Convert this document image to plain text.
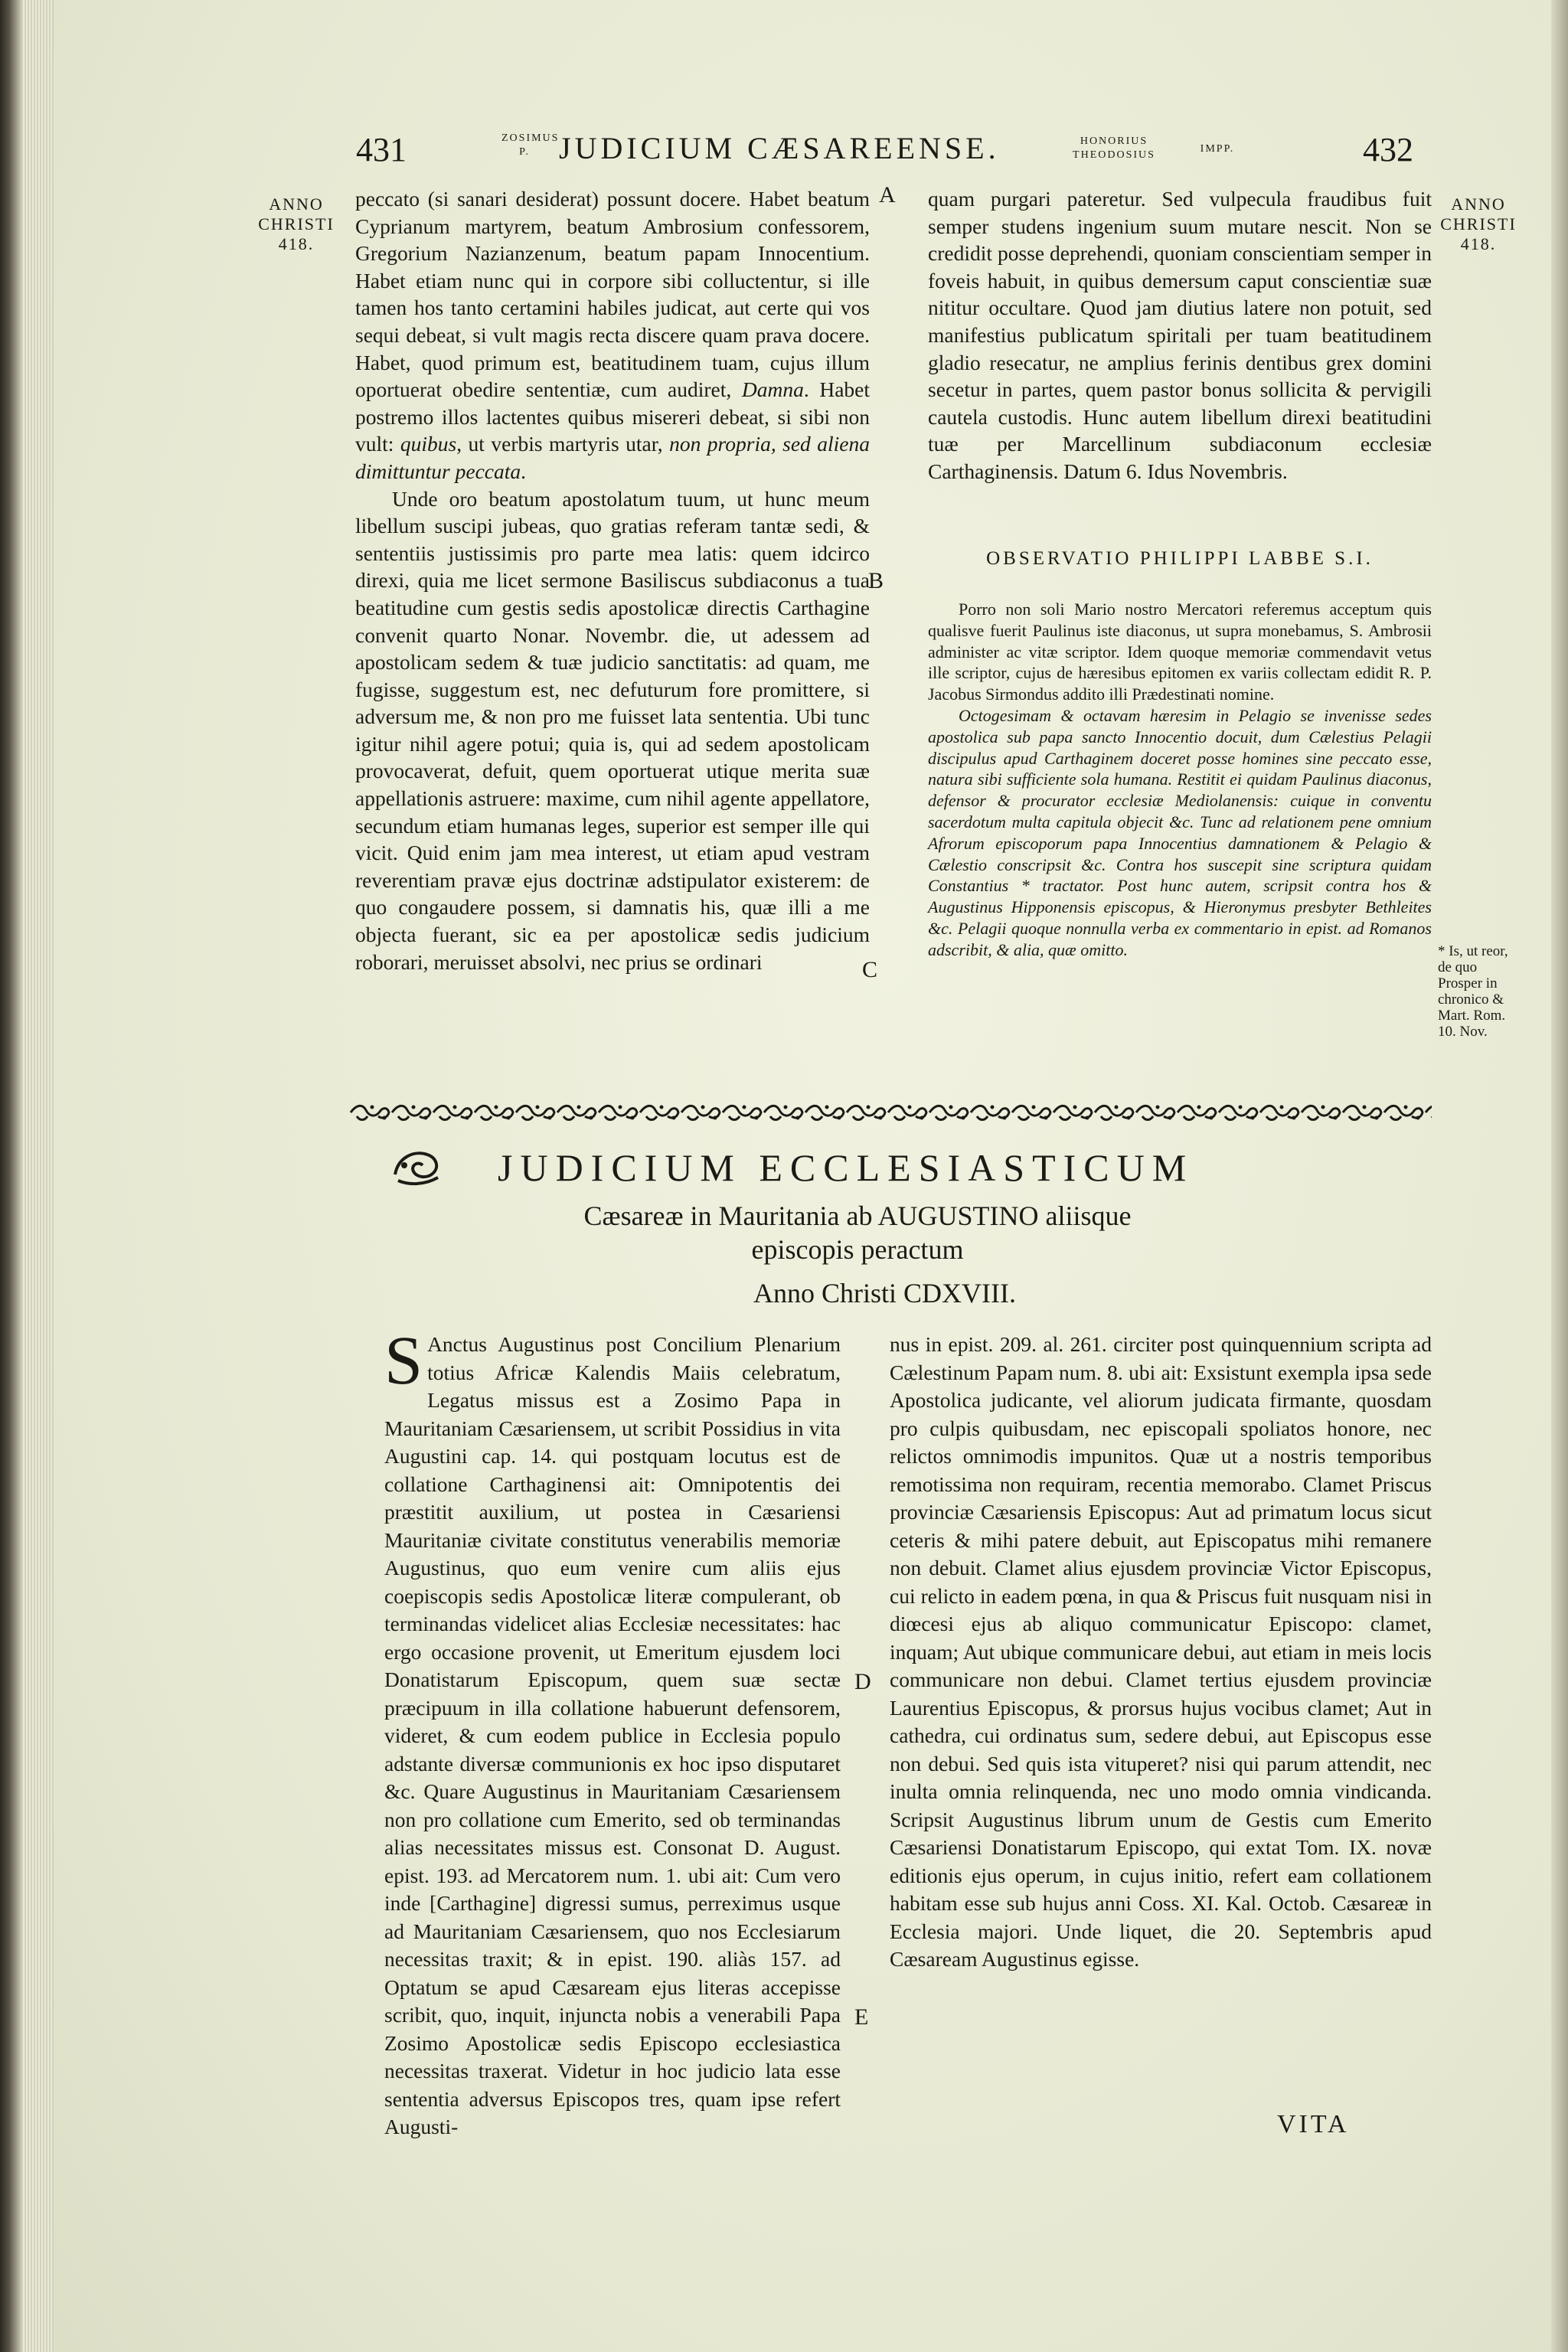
431	ZOSIMUS P. JUDICIUM CÆSAREENSE.	HONORIUS THEODOSIUS
IMPP.	432
ANNO CHRISTI 418.
ANNO CHRISTI 418.

peccato (si sanari desiderat) possunt docere. Habet beatum Cyprianum martyrem, beatum Ambrosium confessorem, Gregorium Nazianzenum, beatum papam Innocentium. Habet etiam nunc qui in corpore sibi colluctentur, si ille tamen hos tanto certamini habiles judicat, aut certe qui vos sequi debeat, si vult magis recta discere quam prava docere. Habet, quod primum est, beatitudinem tuam, cujus illum oportuerat obedire sententiæ, cum audiret, Damna. Habet postremo illos lactentes quibus misereri debeat, si sibi non vult: quibus, ut verbis martyris utar, non propria, sed aliena dimittuntur peccata.

Unde oro beatum apostolatum tuum, ut hunc meum libellum suscipi jubeas, quo gratias referam tantæ sedi, & sententiis justissimis pro parte mea latis: quem idcirco direxi, quia me licet sermone Basiliscus subdiaconus a tua beatitudine cum gestis sedis apostolicæ directis Carthagine convenit quarto Nonar. Novembr. die, ut adessem ad apostolicam sedem & tuæ judicio sanctitatis: ad quam, me fugisse, suggestum est, nec defuturum fore promittere, si adversum me, & non pro me fuisset lata sententia. Ubi tunc igitur nihil agere potui; quia is, qui ad sedem apostolicam provocaverat, defuit, quem oportuerat utique merita suæ appellationis astruere: maxime, cum nihil agente appellatore, secundum etiam humanas leges, superior est semper ille qui vicit. Quid enim jam mea interest, ut etiam apud vestram reverentiam pravæ ejus doctrinæ adstipulator existerem: de quo congaudere possem, si damnatis his, quæ illi a me objecta fuerant, sic ea per apostolicæ sedis judicium roborari, meruisset absolvi, nec prius se ordinari

A
B
C
D
E

quam purgari pateretur. Sed vulpecula fraudibus fuit semper studens ingenium suum mutare nescit. Non se credidit posse deprehendi, quoniam conscientiam semper in foveis habuit, in quibus demersum caput conscientiæ suæ nititur occultare. Quod jam diutius latere non potuit, sed manifestius publicatum spiritali per tuam beatitudinem gladio resecatur, ne amplius ferinis dentibus grex domini secetur in partes, quem pastor bonus sollicita & pervigili cautela custodis. Hunc autem libellum direxi beatitudini tuæ per Marcellinum subdiaconum ecclesiæ Carthaginensis. Datum 6. Idus Novembris.

OBSERVATIO PHILIPPI LABBE S.I.

Porro non soli Mario nostro Mercatori referemus acceptum quis qualisve fuerit Paulinus iste diaconus, ut supra monebamus, S. Ambrosii administer ac vitæ scriptor. Idem quoque memoriæ commendavit vetus ille scriptor, cujus de hæresibus epitomen ex variis collectam edidit R. P. Jacobus Sirmondus addito illi Prædestinati nomine.

Octogesimam & octavam hæresim in Pelagio se invenisse sedes apostolica sub papa sancto Innocentio docuit, dum Cælestius Pelagii discipulus apud Carthaginem doceret posse homines sine peccato esse, natura sibi sufficiente sola humana. Restitit ei quidam Paulinus diaconus, defensor & procurator ecclesiæ Mediolanensis: cuique in conventu sacerdotum multa capitula objecit &c. Tunc ad relationem pene omnium Afrorum episcoporum papa Innocentius damnationem & Pelagio & Cælestio conscripsit &c. Contra hos suscepit sine scriptura quidam Constantius * tractator. Post hunc autem, scripsit contra hos & Augustinus Hipponensis episcopus, & Hieronymus presbyter Bethleites &c. Pelagii quoque nonnulla verba ex commentario in epist. ad Romanos adscribit, & alia, quæ omitto.	* Is, ut reor, de quo Prosper in chronico & Mart. Rom. 10. Nov.
JUDICIUM ECCLESIASTICUM
Cæsareæ in Mauritania ab AUGUSTINO aliisque
episcopis peractum
Anno Christi CDXVIII.

S Anctus Augustinus post Concilium Plenarium totius Africæ Kalendis Maiis celebratum, Legatus missus est a Zosimo Papa in Mauritaniam Cæsariensem, ut scribit Possidius in vita Augustini cap. 14. qui postquam locutus est de collatione Carthaginensi ait: Omnipotentis dei præstitit auxilium, ut postea in Cæsariensi Mauritaniæ civitate constitutus venerabilis memoriæ Augustinus, quo eum venire cum aliis ejus coepiscopis sedis Apostolicæ literæ compulerant, ob terminandas videlicet alias Ecclesiæ necessitates: hac ergo occasione provenit, ut Emeritum ejusdem loci Donatistarum Episcopum, quem suæ sectæ præcipuum in illa collatione habuerunt defensorem, videret, & cum eodem publice in Ecclesia populo adstante diversæ communionis ex hoc ipso disputaret &c. Quare Augustinus in Mauritaniam Cæsariensem non pro collatione cum Emerito, sed ob terminandas alias necessitates missus est. Consonat D. August. epist. 193. ad Mercatorem num. 1. ubi ait: Cum vero inde [Carthagine] digressi sumus, perreximus usque ad Mauritaniam Cæsariensem, quo nos Ecclesiarum necessitas traxit; & in epist. 190. aliàs 157. ad Optatum se apud Cæsaream ejus literas accepisse scribit, quo, inquit, injuncta nobis a venerabili Papa Zosimo Apostolicæ sedis Episcopo ecclesiastica necessitas traxerat. Videtur in hoc judicio lata esse sententia adversus Episcopos tres, quam ipse refert Augusti-

nus in epist. 209. al. 261. circiter post quinquennium scripta ad Cælestinum Papam num. 8. ubi ait: Exsistunt exempla ipsa sede Apostolica judicante, vel aliorum judicata firmante, quosdam pro culpis quibusdam, nec episcopali spoliatos honore, nec relictos omnimodis impunitos. Quæ ut a nostris temporibus remotissima non requiram, recentia memorabo. Clamet Priscus provinciæ Cæsariensis Episcopus: Aut ad primatum locus sicut ceteris & mihi patere debuit, aut Episcopatus mihi remanere non debuit. Clamet alius ejusdem provinciæ Victor Episcopus, cui relicto in eadem pœna, in qua & Priscus fuit nusquam nisi in diœcesi ejus ab aliquo communicatur Episcopo: clamet, inquam; Aut ubique communicare debui, aut etiam in meis locis communicare non debui. Clamet tertius ejusdem provinciæ Laurentius Episcopus, & prorsus hujus vocibus clamet; Aut in cathedra, cui ordinatus sum, sedere debui, aut Episcopus esse non debui. Sed quis ista vituperet? nisi qui parum attendit, nec inulta omnia relinquenda, nec uno modo omnia vindicanda. Scripsit Augustinus librum unum de Gestis cum Emerito Cæsariensi Donatistarum Episcopo, qui extat Tom. IX. novæ editionis ejus operum, in cujus initio, refert eam collationem habitam esse sub hujus anni Coss. XI. Kal. Octob. Cæsareæ in Ecclesia majori. Unde liquet, die 20. Septembris apud Cæsaream Augustinus egisse.

VITA
